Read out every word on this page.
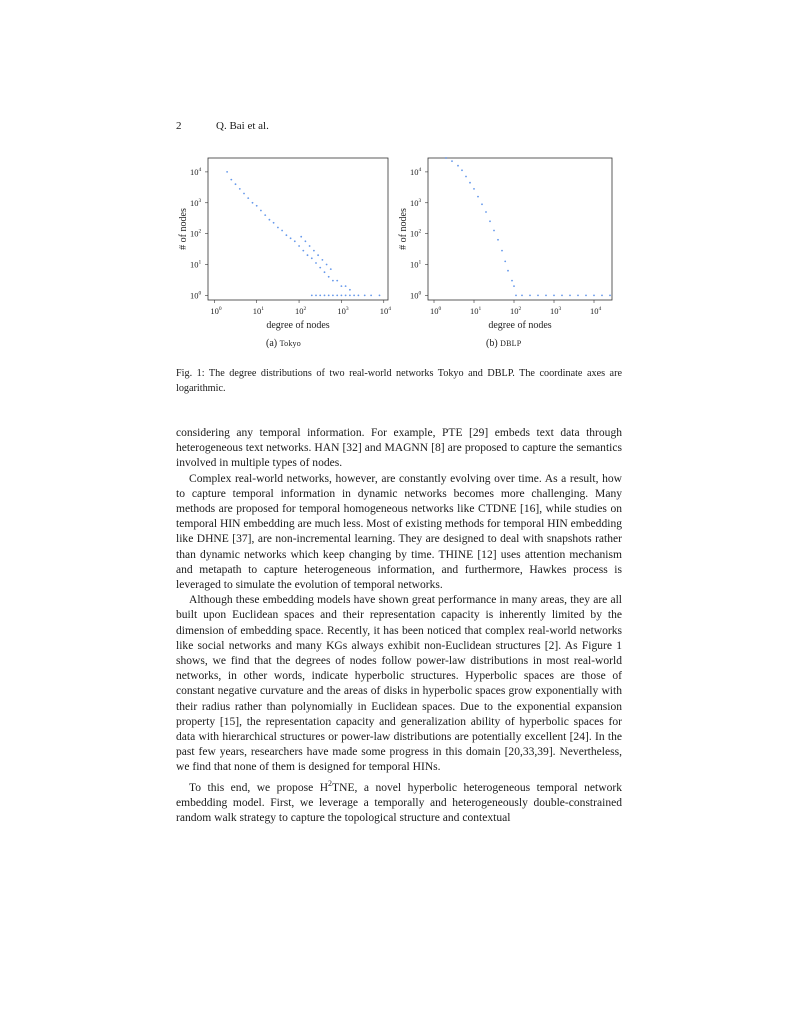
2	Q. Bai et al.
$10^0$	$10^1$	$10^2$	$10^3$	$10^4$
$10^0$
$10^1$
$10^2$
$10^3$
$10^4$
degree of nodes
# of nodes
(a) Tokyo
$10^0$	$10^1$	$10^2$	$10^3$	$10^4$
$10^0$
$10^1$
$10^2$
$10^3$
$10^4$
degree of nodes
# of nodes
(b) DBLP
Fig. 1: The degree distributions of two real-world networks Tokyo and DBLP. The coordinate axes are logarithmic.

considering any temporal information. For example, PTE [29] embeds text data through heterogeneous text networks. HAN [32] and MAGNN [8] are proposed to capture the semantics involved in multiple types of nodes.

Complex real-world networks, however, are constantly evolving over time. As a result, how to capture temporal information in dynamic networks becomes more challenging. Many methods are proposed for temporal homogeneous networks like CTDNE [16], while studies on temporal HIN embedding are much less. Most of existing methods for temporal HIN embedding like DHNE [37], are non-incremental learning. They are designed to deal with snapshots rather than dynamic networks which keep changing by time. THINE [12] uses attention mechanism and metapath to capture heterogeneous information, and furthermore, Hawkes process is leveraged to simulate the evolution of temporal networks.

Although these embedding models have shown great performance in many areas, they are all built upon Euclidean spaces and their representation capacity is inherently limited by the dimension of embedding space. Recently, it has been noticed that complex real-world networks like social networks and many KGs always exhibit non-Euclidean structures [2]. As Figure 1 shows, we find that the degrees of nodes follow power-law distributions in most real-world networks, in other words, indicate hyperbolic structures. Hyperbolic spaces are those of constant negative curvature and the areas of disks in hyperbolic spaces grow exponentially with their radius rather than polynomially in Euclidean spaces. Due to the exponential expansion property [15], the representation capacity and generalization ability of hyperbolic spaces for data with hierarchical structures or power-law distributions are potentially excellent [24]. In the past few years, researchers have made some progress in this domain [20,33,39]. Nevertheless, we find that none of them is designed for temporal HINs.

To this end, we propose $H^2TNE$, a novel hyperbolic heterogeneous temporal network embedding model. First, we leverage a temporally and heterogeneously double-constrained random walk strategy to capture the topological structure and contextual
